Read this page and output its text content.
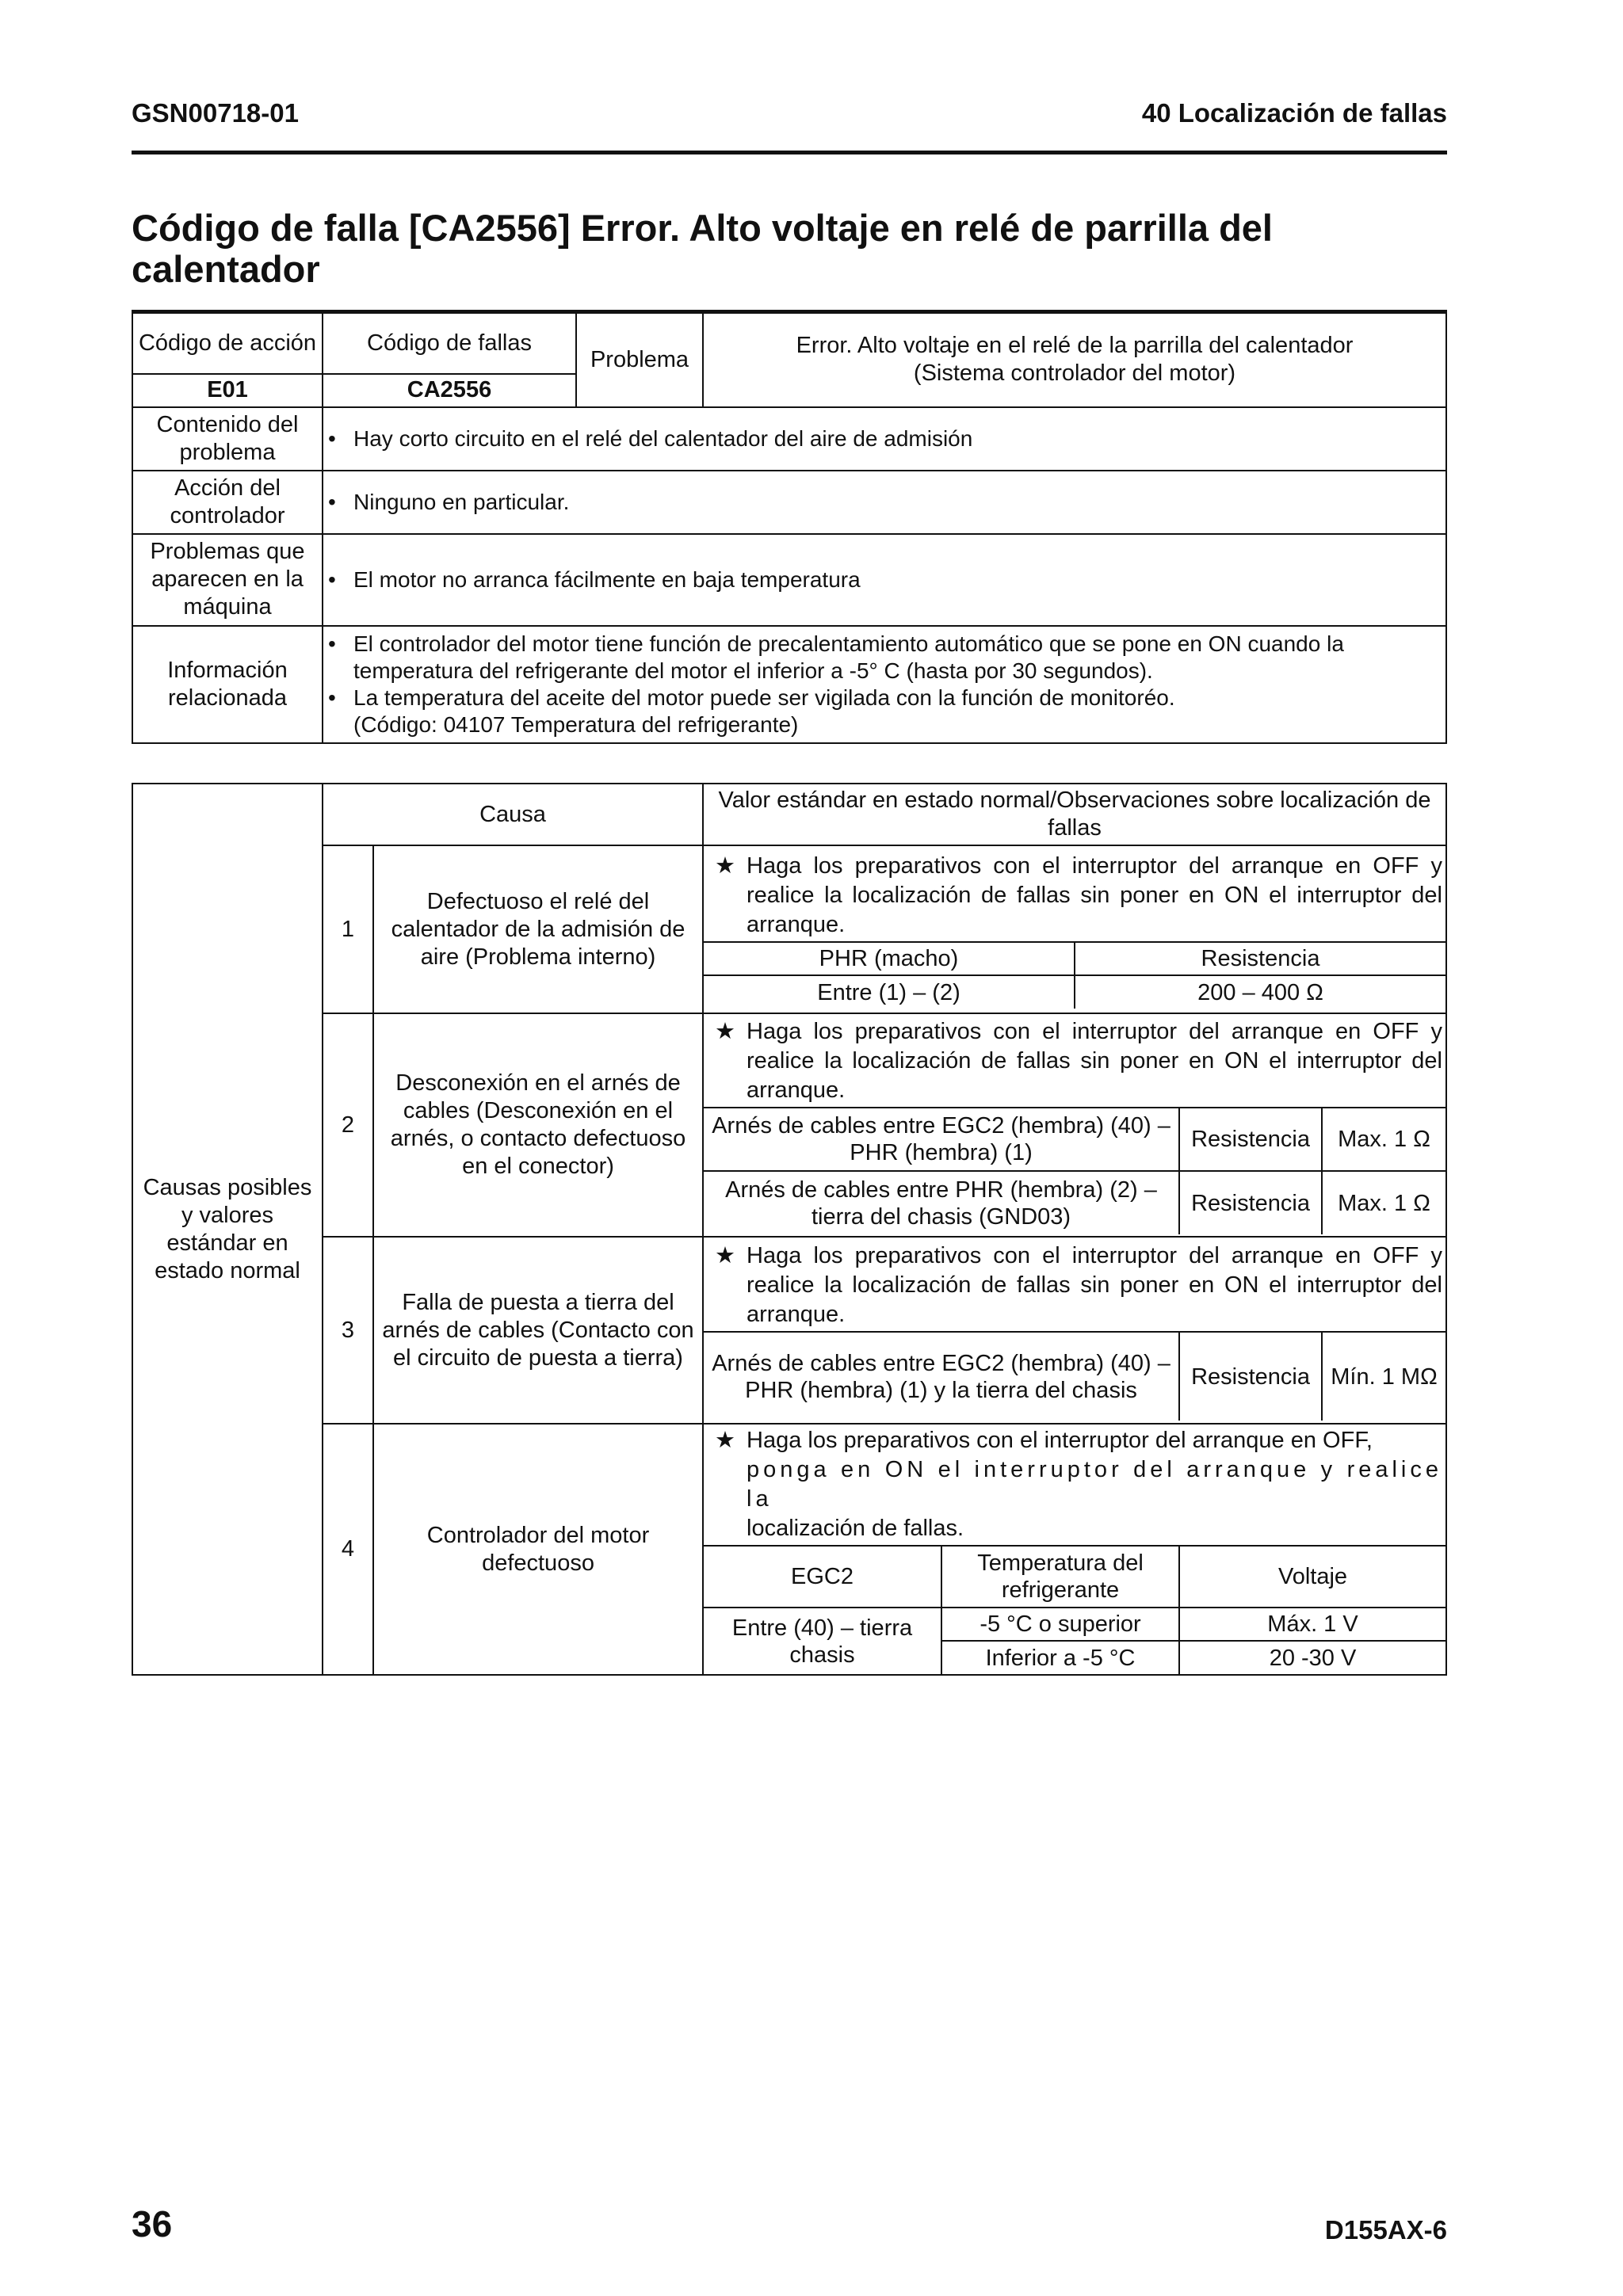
GSN00718-01	40 Localización de fallas
Código de falla [CA2556] Error. Alto voltaje en relé de parrilla del calentador
Código de acción	Código de fallas	Problema	Error. Alto voltaje en el relé de la parrilla del calentador
(Sistema controlador del motor)

E01	CA2556		
Contenido del problema	• Hay corto circuito en el relé del calentador del aire de admisión		

Acción del controlador	• Ninguno en particular.		

Problemas que aparecen en la máquina	• El motor no arranca fácilmente en baja temperatura		

Información relacionada	• El controlador del motor tiene función de precalentamiento automático que se pone en ON cuando la temperatura del refrigerante del motor el inferior a -5° C (hasta por 30 segundos).
• La temperatura del aceite del motor puede ser vigilada con la función de monitoréo.
(Código: 04107 Temperatura del refrigerante)		
Causas posibles y valores estándar en estado normal	Causa	Valor estándar en estado normal/Observaciones sobre localización de fallas
1	Defectuoso el relé del calentador de la admisión de aire (Problema interno)	
★ Haga los preparativos con el interruptor del arranque en OFF y realice la localización de fallas sin poner en ON el interruptor del arranque.
PHR (macho)	Resistencia
Entre (1) – (2)	200 – 400 Ω

2	Desconexión en el arnés de cables (Desconexión en el arnés, o contacto defectuoso en el conector)	
★ Haga los preparativos con el interruptor del arranque en OFF y realice la localización de fallas sin poner en ON el interruptor del arranque.
Arnés de cables entre EGC2 (hembra) (40) – PHR (hembra) (1)	Resistencia	Max. 1 Ω
Arnés de cables entre PHR (hembra) (2) – tierra del chasis (GND03)	Resistencia	Max. 1 Ω

3	Falla de puesta a tierra del arnés de cables (Contacto con el circuito de puesta a tierra)	
★ Haga los preparativos con el interruptor del arranque en OFF y realice la localización de fallas sin poner en ON el interruptor del arranque.
Arnés de cables entre EGC2 (hembra) (40) – PHR (hembra) (1) y la tierra del chasis	Resistencia	Mín. 1 MΩ

4	Controlador del motor defectuoso	
★ Haga los preparativos con el interruptor del arranque en OFF,
ponga en ON el interruptor del arranque y realice la
localización de fallas.
EGC2	Temperatura del refrigerante	Voltaje
Entre (40) – tierra chasis	-5 °C o superior	Máx. 1 V
Inferior a -5 °C	20 -30 V
36	D155AX-6
